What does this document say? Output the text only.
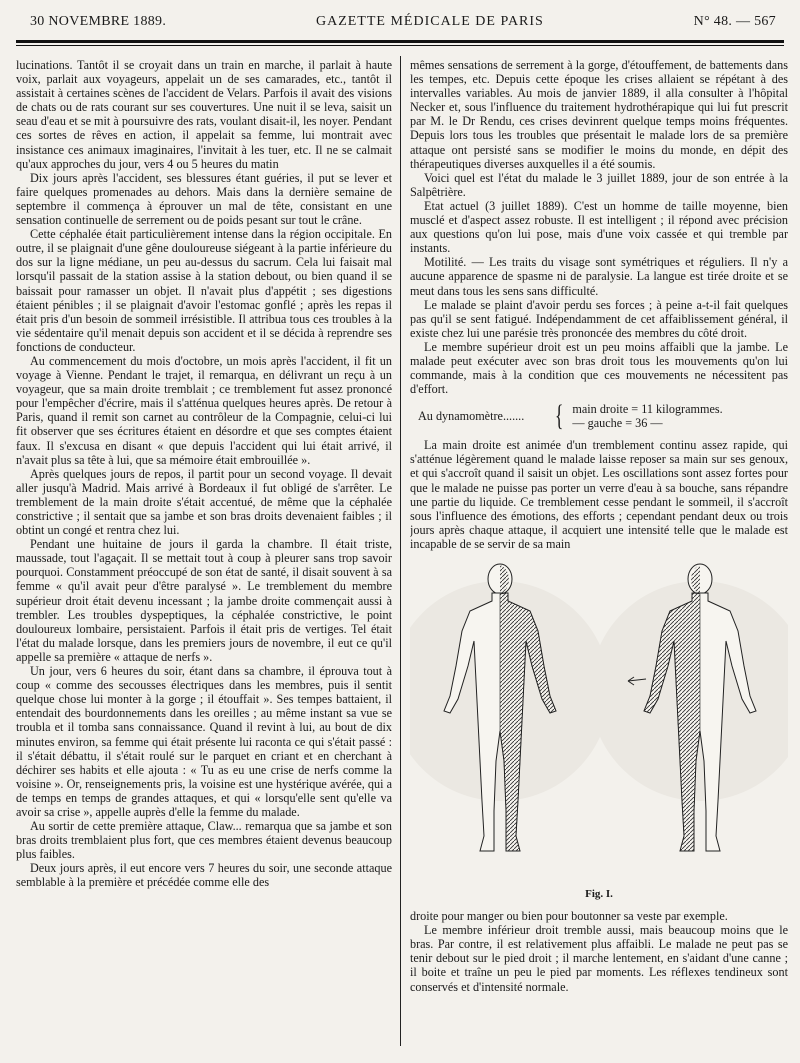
30 NOVEMBRE 1889.	GAZETTE MÉDICALE DE PARIS	N° 48. — 567

lucinations. Tantôt il se croyait dans un train en marche, il parlait à haute voix, parlait aux voyageurs, appelait un de ses camarades, etc., tantôt il assistait à certaines scènes de l'accident de Velars. Parfois il avait des visions de chats ou de rats courant sur ses couvertures. Une nuit il se leva, saisit un seau d'eau et se mit à poursuivre des rats, voulant disait-il, les noyer. Pendant ces sortes de rêves en action, il appelait sa femme, lui montrait avec insistance ces animaux imaginaires, l'invitait à les tuer, etc. Il ne se calmait qu'aux approches du jour, vers 4 ou 5 heures du matin

Dix jours après l'accident, ses blessures étant guéries, il put se lever et faire quelques promenades au dehors. Mais dans la dernière semaine de septembre il commença à éprouver un mal de tête, consistant en une sensation continuelle de serrement ou de poids pesant sur tout le crâne.

Cette céphalée était particulièrement intense dans la région occipitale. En outre, il se plaignait d'une gêne douloureuse siégeant à la partie inférieure du dos sur la ligne médiane, un peu au-dessus du sacrum. Cela lui faisait mal lorsqu'il passait de la station assise à la station debout, ou bien quand il se baissait pour ramasser un objet. Il n'avait plus d'appétit ; ses digestions étaient pénibles ; il se plaignait d'avoir l'estomac gonflé ; après les repas il était pris d'un besoin de sommeil irrésistible. Il attribua tous ces troubles à la vie sédentaire qu'il menait depuis son accident et il se décida à reprendre ses fonctions de conducteur.

Au commencement du mois d'octobre, un mois après l'accident, il fit un voyage à Vienne. Pendant le trajet, il remarqua, en délivrant un reçu à un voyageur, que sa main droite tremblait ; ce tremblement fut assez prononcé pour l'empêcher d'écrire, mais il s'atténua quelques heures après. De retour à Paris, quand il remit son carnet au contrôleur de la Compagnie, celui-ci lui fit observer que ses écritures étaient en désordre et que ses comptes étaient faux. Il s'excusa en disant « que depuis l'accident qui lui était arrivé, il n'avait plus sa tête à lui, que sa mémoire était embrouillée ».

Après quelques jours de repos, il partit pour un second voyage. Il devait aller jusqu'à Madrid. Mais arrivé à Bordeaux il fut obligé de s'arrêter. Le tremblement de la main droite s'était accentué, de même que la céphalée constrictive ; il sentait que sa jambe et son bras droits devenaient faibles ; il obtint un congé et rentra chez lui.

Pendant une huitaine de jours il garda la chambre. Il était triste, maussade, tout l'agaçait. Il se mettait tout à coup à pleurer sans trop savoir pourquoi. Constamment préoccupé de son état de santé, il disait souvent à sa femme « qu'il avait peur d'être paralysé ». Le tremblement du membre supérieur droit était devenu incessant ; la jambe droite commençait aussi à trembler. Les troubles dyspeptiques, la céphalée constrictive, le point douloureux lombaire, persistaient. Parfois il était pris de vertiges. Tel était l'état du malade lorsque, dans les premiers jours de novembre, il eut ce qu'il appelle sa première « attaque de nerfs ».

Un jour, vers 6 heures du soir, étant dans sa chambre, il éprouva tout à coup « comme des secousses électriques dans les membres, puis il sentit quelque chose lui monter à la gorge ; il étouffait ». Ses tempes battaient, il entendait des bourdonnements dans les oreilles ; au même instant sa vue se troubla et il tomba sans connaissance. Quand il revint à lui, au bout de dix minutes environ, sa femme qui était présente lui raconta ce qui s'était passé : il s'était débattu, il s'était roulé sur le parquet en criant et en cherchant à déchirer ses habits et elle ajouta : « Tu as eu une crise de nerfs comme la voisine ». Or, renseignements pris, la voisine est une hystérique avérée, qui a de temps en temps de grandes attaques, et qui « lorsqu'elle sent qu'elle va avoir sa crise », appelle auprès d'elle la femme du malade.

Au sortir de cette première attaque, Claw... remarqua que sa jambe et son bras droits tremblaient plus fort, que ces membres étaient devenus beaucoup plus faibles.

Deux jours après, il eut encore vers 7 heures du soir, une seconde attaque semblable à la première et précédée comme elle des

mêmes sensations de serrement à la gorge, d'étouffement, de battements dans les tempes, etc. Depuis cette époque les crises allaient se répétant à des intervalles variables. Au mois de janvier 1889, il alla consulter à l'hôpital Necker et, sous l'influence du traitement hydrothérapique qui lui fut prescrit par M. le Dr Rendu, ces crises devinrent quelque temps moins fréquentes. Depuis lors tous les troubles que présentait le malade lors de sa première attaque ont persisté sans se modifier le moins du monde, en dépit des thérapeutiques diverses auxquelles il a été soumis.

Voici quel est l'état du malade le 3 juillet 1889, jour de son entrée à la Salpêtrière.

Etat actuel (3 juillet 1889). C'est un homme de taille moyenne, bien musclé et d'aspect assez robuste. Il est intelligent ; il répond avec précision aux questions qu'on lui pose, mais d'une voix cassée et qui tremble par instants.

Motilité. — Les traits du visage sont symétriques et réguliers. Il n'y a aucune apparence de spasme ni de paralysie. La langue est tirée droite et se meut dans tous les sens sans difficulté.

Le malade se plaint d'avoir perdu ses forces ; à peine a-t-il fait quelques pas qu'il se sent fatigué. Indépendamment de cet affaiblissement général, il existe chez lui une parésie très prononcée des membres du côté droit.

Le membre supérieur droit est un peu moins affaibli que la jambe. Le malade peut exécuter avec son bras droit tous les mouvements qu'on lui commande, mais à la condition que ces mouvements ne nécessitent pas d'effort.

Au dynamomètre.......	{ main droite = 11 kilogrammes.
— gauche = 36 —

La main droite est animée d'un tremblement continu assez rapide, qui s'atténue légèrement quand le malade laisse reposer sa main sur ses genoux, et qui s'accroît quand il saisit un objet. Les oscillations sont assez fortes pour que le malade ne puisse pas porter un verre d'eau à sa bouche, sans répandre une partie du liquide. Ce tremblement cesse pendant le sommeil, il s'accroît sous l'influence des émotions, des efforts ; cependant pendant deux ou trois jours après chaque attaque, il acquiert une intensité telle que le malade est incapable de se servir de sa main

Fig. I.

droite pour manger ou bien pour boutonner sa veste par exemple.

Le membre inférieur droit tremble aussi, mais beaucoup moins que le bras. Par contre, il est relativement plus affaibli. Le malade ne peut pas se tenir debout sur le pied droit ; il marche lentement, en s'aidant d'une canne ; il boite et traîne un peu le pied par moments. Les réflexes tendineux sont conservés et d'intensité normale.
